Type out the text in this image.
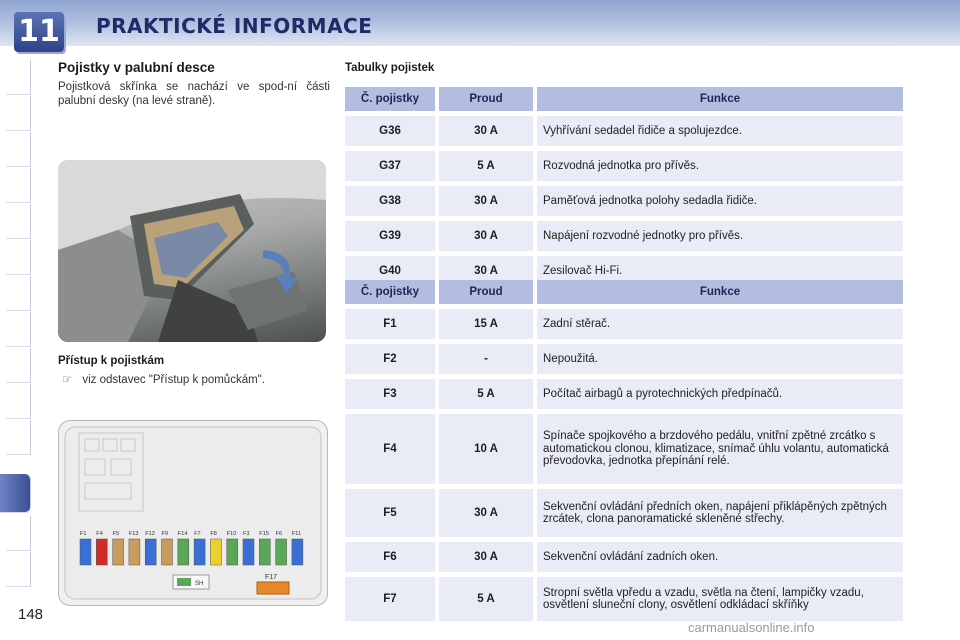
11 PRAKTICKÉ INFORMACE
Pojistky v palubní desce
Pojistková skřínka se nachází ve spod-ní části palubní desky (na levé straně).
Přístup k pojistkám
☞ viz odstavec "Přístup k pomůckám".
F1 F4 F5 F13 F12 F9 F14 F7 F8 F10 F3 F15 F6 F11
SH
F17
Tabulky pojistek
Č. pojistky	Proud	Funkce
G36	30 A	Vyhřívání sedadel řidiče a spolujezdce.
G37	5 A	Rozvodná jednotka pro přívěs.
G38	30 A	Paměťová jednotka polohy sedadla řidiče.
G39	30 A	Napájení rozvodné jednotky pro přívěs.
G40	30 A	Zesilovač Hi-Fi.
Č. pojistky	Proud	Funkce
F1	15 A	Zadní stěrač.
F2	-	Nepoužitá.
F3	5 A	Počítač airbagů a pyrotechnických předpínačů.
F4	10 A	Spínače spojkového a brzdového pedálu, vnitřní zpětné zrcátko s automatickou clonou, klimatizace, snímač úhlu volantu, automatická převodovka, jednotka přepínání relé.
F5	30 A	Sekvenční ovládání předních oken, napájení přiklápěných zpětných zrcátek, clona panoramatické skleněné střechy.
F6	30 A	Sekvenční ovládání zadních oken.
F7	5 A	Stropní světla vpředu a vzadu, světla na čtení, lampičky vzadu, osvětlení sluneční clony, osvětlení odkládací skříňky
148
carmanualsonline.info
